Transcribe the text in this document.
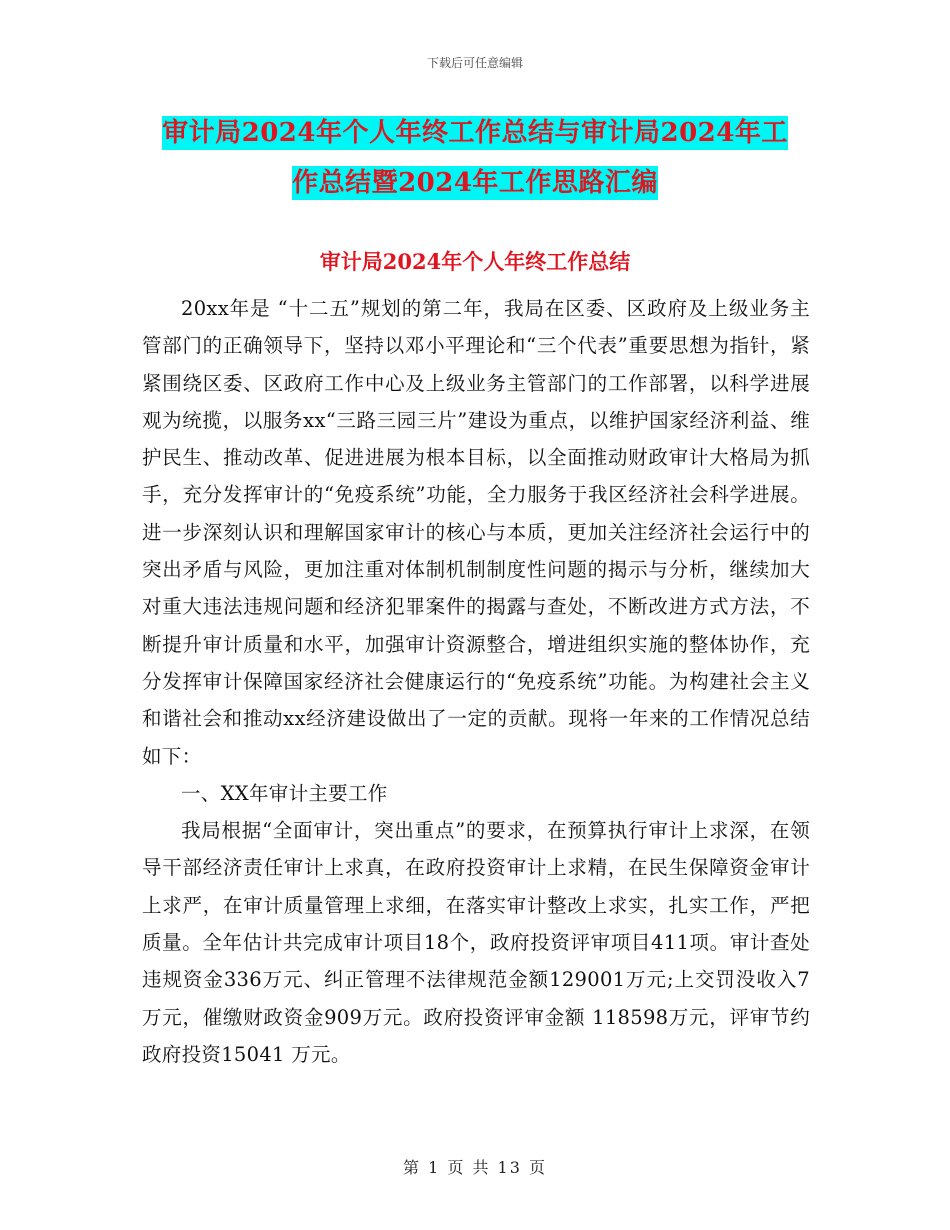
下载后可任意编辑
审计局2024年个人年终工作总结与审计局2024年工
作总结暨2024年工作思路汇编
审计局2024年个人年终工作总结

20xx年是 “十二五”规划的第二年，我局在区委、区政府及上级业务主管部门的正确领导下，坚持以邓小平理论和“三个代表”重要思想为指针，紧紧围绕区委、区政府工作中心及上级业务主管部门的工作部署，以科学进展观为统揽，以服务xx“三路三园三片”建设为重点，以维护国家经济利益、维护民生、推动改革、促进进展为根本目标，以全面推动财政审计大格局为抓手，充分发挥审计的“免疫系统”功能，全力服务于我区经济社会科学进展。进一步深刻认识和理解国家审计的核心与本质，更加关注经济社会运行中的突出矛盾与风险，更加注重对体制机制制度性问题的揭示与分析，继续加大对重大违法违规问题和经济犯罪案件的揭露与查处，不断改进方式方法，不断提升审计质量和水平，加强审计资源整合，增进组织实施的整体协作，充分发挥审计保障国家经济社会健康运行的“免疫系统”功能。为构建社会主义和谐社会和推动xx经济建设做出了一定的贡献。现将一年来的工作情况总结如下：

一、XX年审计主要工作

我局根据“全面审计，突出重点”的要求，在预算执行审计上求深，在领导干部经济责任审计上求真，在政府投资审计上求精，在民生保障资金审计上求严，在审计质量管理上求细，在落实审计整改上求实，扎实工作，严把质量。全年估计共完成审计项目18个，政府投资评审项目411项。审计查处违规资金336万元、纠正管理不法律规范金额129001万元;上交罚没收入7 万元，催缴财政资金909万元。政府投资评审金额 118598万元，评审节约政府投资15041 万元。

第 1 页 共 13 页
